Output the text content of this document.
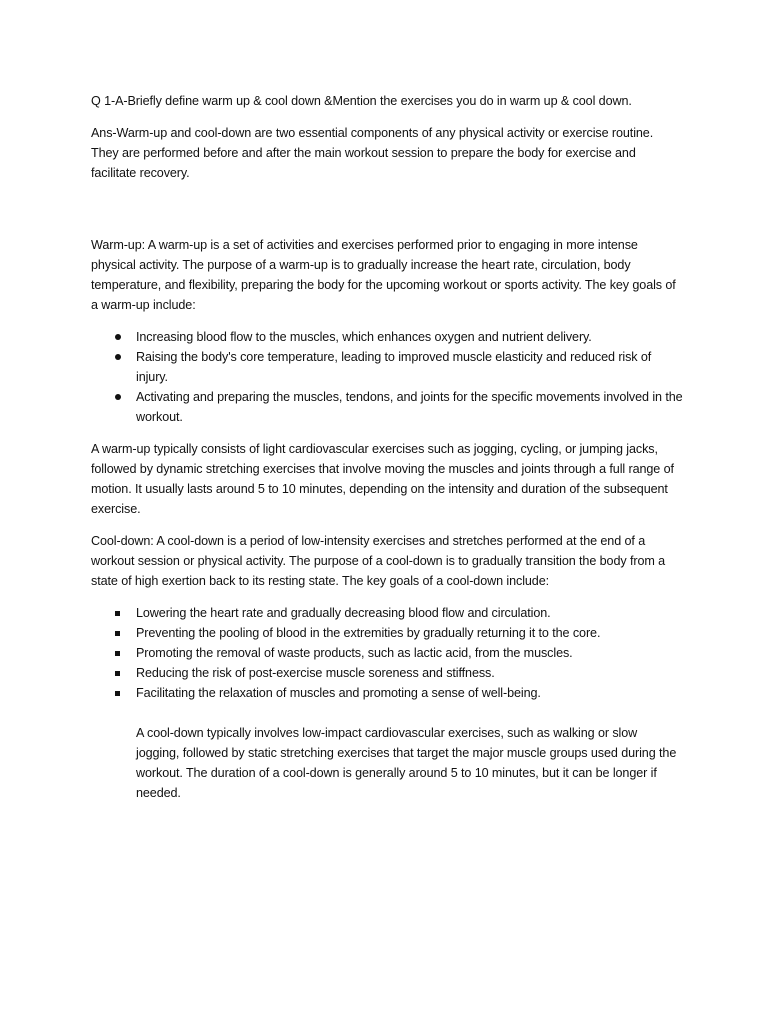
Q 1-A-Briefly define warm up & cool down &Mention the exercises you do in warm up & cool down.

Ans-Warm-up and cool-down are two essential components of any physical activity or exercise routine. They are performed before and after the main workout session to prepare the body for exercise and facilitate recovery.

Warm-up: A warm-up is a set of activities and exercises performed prior to engaging in more intense physical activity. The purpose of a warm-up is to gradually increase the heart rate, circulation, body temperature, and flexibility, preparing the body for the upcoming workout or sports activity. The key goals of a warm-up include:

Increasing blood flow to the muscles, which enhances oxygen and nutrient delivery.
Raising the body's core temperature, leading to improved muscle elasticity and reduced risk of injury.
Activating and preparing the muscles, tendons, and joints for the specific movements involved in the workout.

A warm-up typically consists of light cardiovascular exercises such as jogging, cycling, or jumping jacks, followed by dynamic stretching exercises that involve moving the muscles and joints through a full range of motion. It usually lasts around 5 to 10 minutes, depending on the intensity and duration of the subsequent exercise.

Cool-down: A cool-down is a period of low-intensity exercises and stretches performed at the end of a workout session or physical activity. The purpose of a cool-down is to gradually transition the body from a state of high exertion back to its resting state. The key goals of a cool-down include:

Lowering the heart rate and gradually decreasing blood flow and circulation.
Preventing the pooling of blood in the extremities by gradually returning it to the core.
Promoting the removal of waste products, such as lactic acid, from the muscles.
Reducing the risk of post-exercise muscle soreness and stiffness.
Facilitating the relaxation of muscles and promoting a sense of well-being.

A cool-down typically involves low-impact cardiovascular exercises, such as walking or slow jogging, followed by static stretching exercises that target the major muscle groups used during the workout. The duration of a cool-down is generally around 5 to 10 minutes, but it can be longer if needed.
